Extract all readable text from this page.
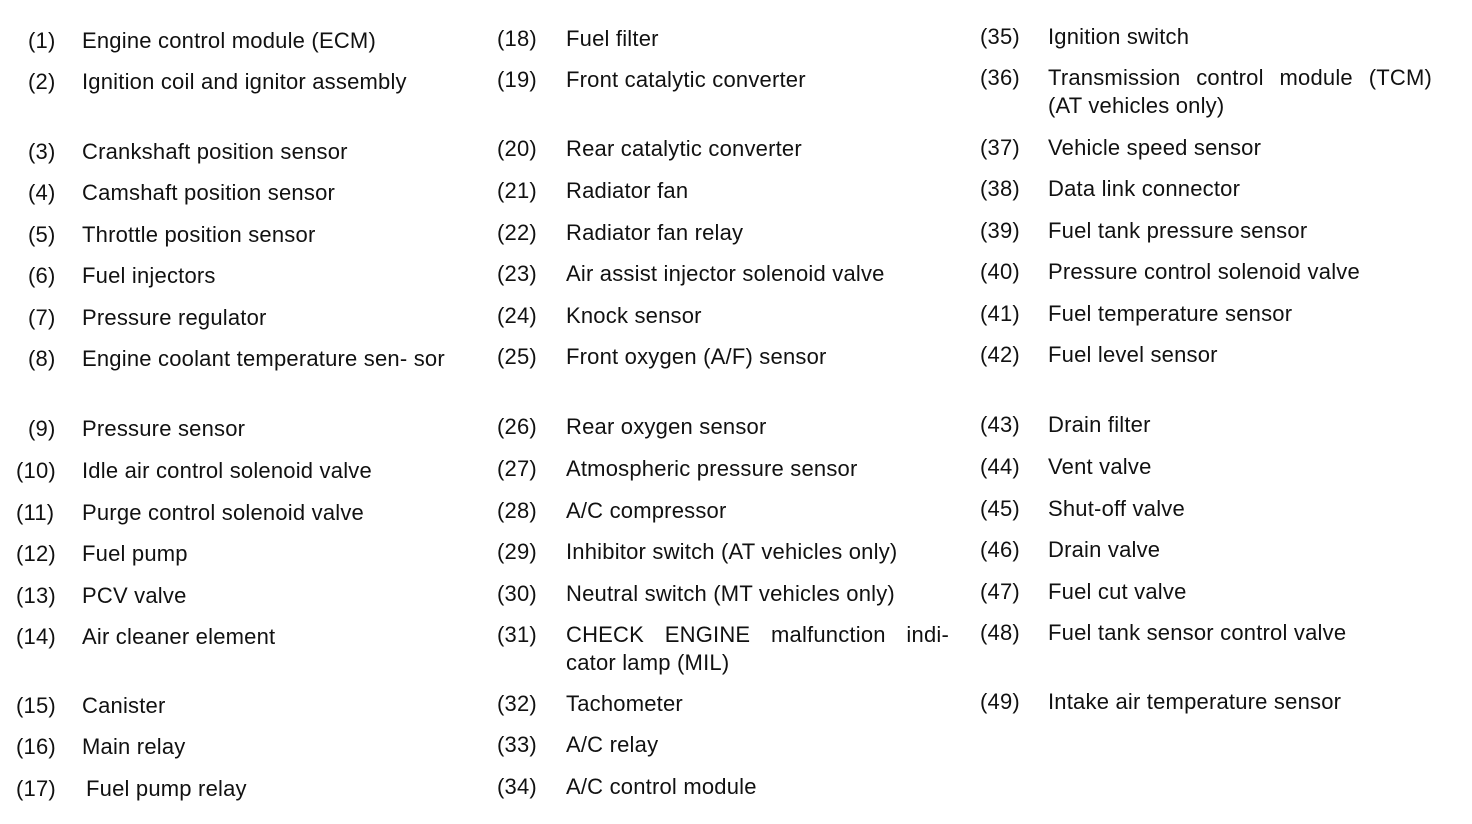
(1)	Engine control module (ECM)
(2)	Ignition coil and ignitor assembly
(3)	Crankshaft position sensor
(4)	Camshaft position sensor
(5)	Throttle position sensor
(6)	Fuel injectors
(7)	Pressure regulator
(8)	Engine coolant temperature sen- sor
(9)	Pressure sensor
(10)	Idle air control solenoid valve
(11)	Purge control solenoid valve
(12)	Fuel pump
(13)	PCV valve
(14)	Air cleaner element
(15)	Canister
(16)	Main relay
(17)	Fuel pump relay
(18)	Fuel filter
(19)	Front catalytic converter
(20)	Rear catalytic converter
(21)	Radiator fan
(22)	Radiator fan relay
(23)	Air assist injector solenoid valve
(24)	Knock sensor
(25)	Front oxygen (A/F) sensor
(26)	Rear oxygen sensor
(27)	Atmospheric pressure sensor
(28)	A/C compressor
(29)	Inhibitor switch (AT vehicles only)
(30)	Neutral switch (MT vehicles only)
(31)	CHECK ENGINE malfunction indi- cator lamp (MIL)
(32)	Tachometer
(33)	A/C relay
(34)	A/C control module
(35)	Ignition switch
(36)	Transmission control module (TCM) (AT vehicles only)
(37)	Vehicle speed sensor
(38)	Data link connector
(39)	Fuel tank pressure sensor
(40)	Pressure control solenoid valve
(41)	Fuel temperature sensor
(42)	Fuel level sensor
(43)	Drain filter
(44)	Vent valve
(45)	Shut-off valve
(46)	Drain valve
(47)	Fuel cut valve
(48)	Fuel tank sensor control valve
(49)	Intake air temperature sensor
